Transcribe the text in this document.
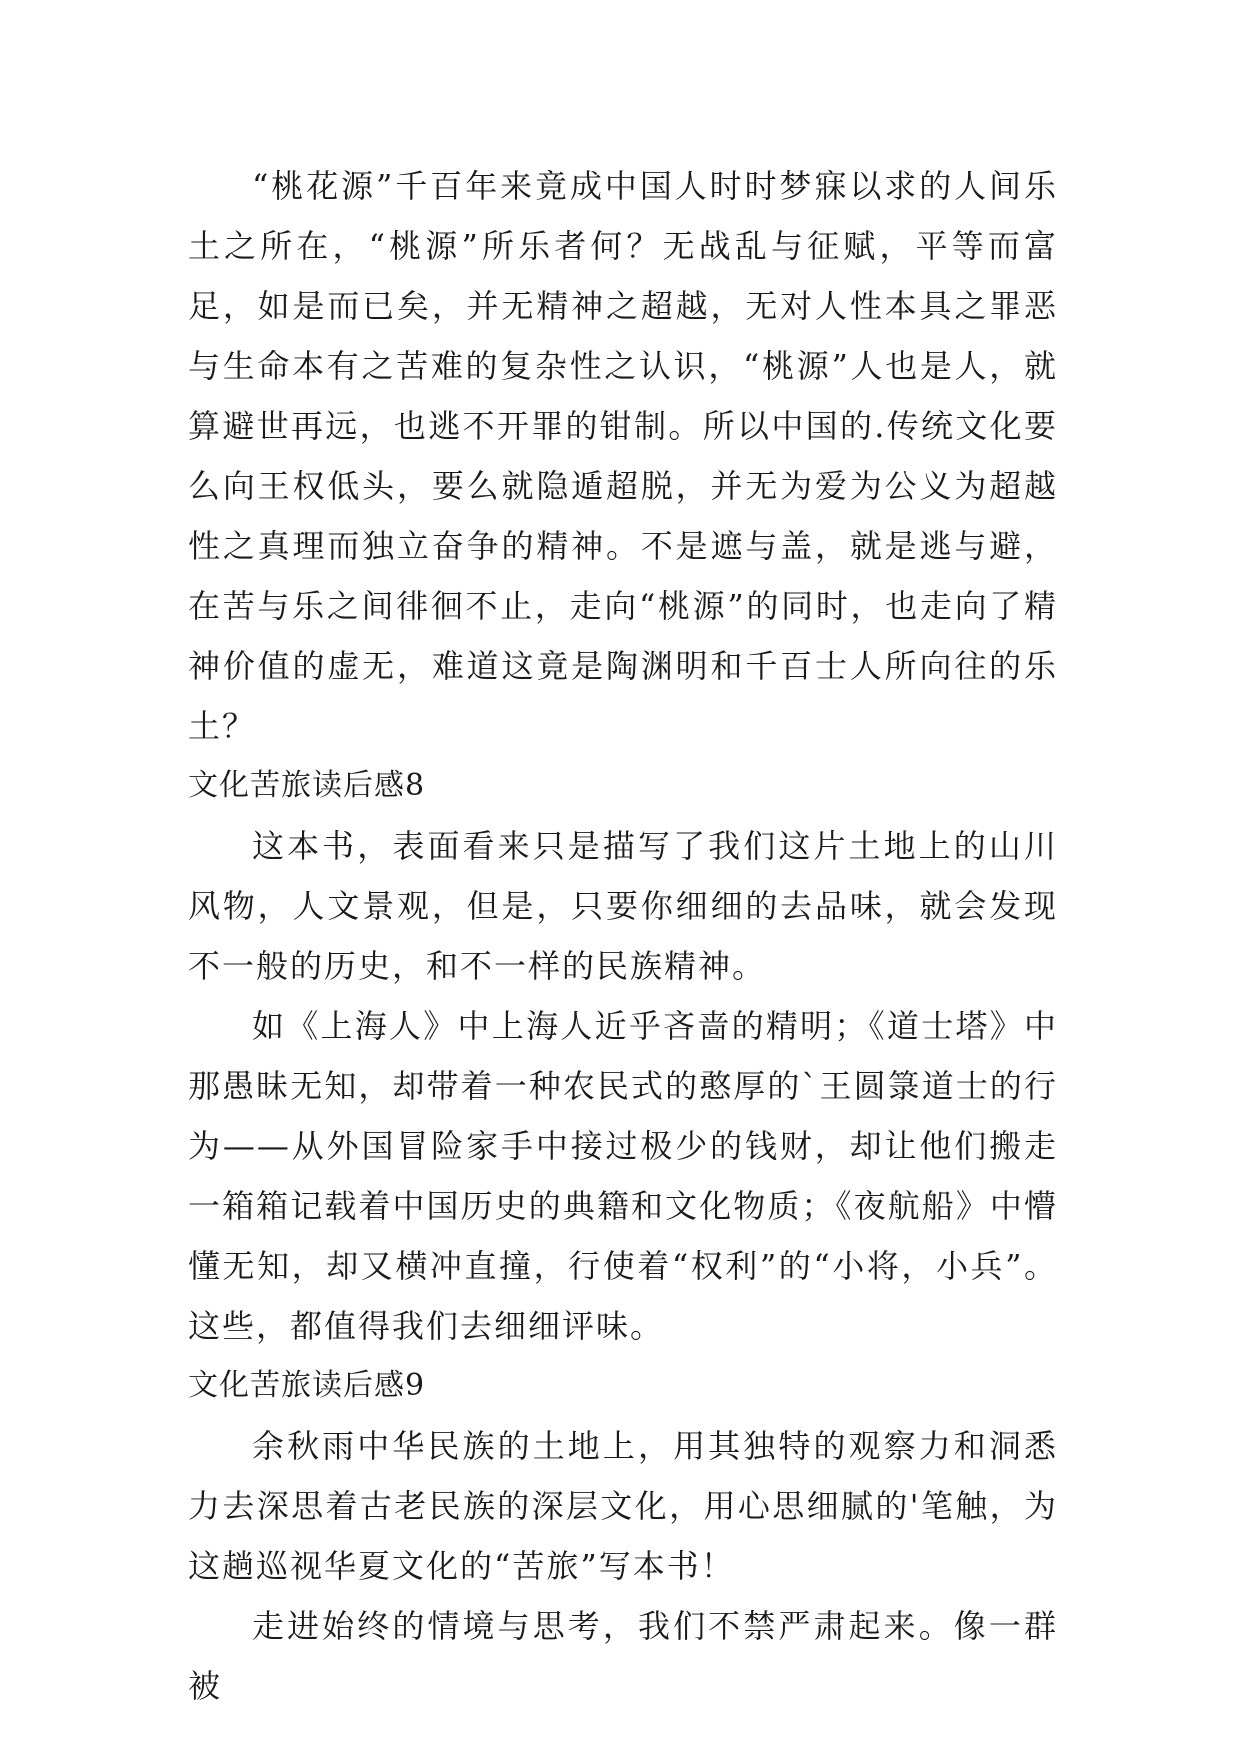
“桃花源”千百年来竟成中国人时时梦寐以求的人间乐土之所在，“桃源”所乐者何？无战乱与征赋，平等而富足，如是而已矣，并无精神之超越，无对人性本具之罪恶与生命本有之苦难的复杂性之认识，“桃源”人也是人，就算避世再远，也逃不开罪的钳制。所以中国的.传统文化要么向王权低头，要么就隐遁超脱，并无为爱为公义为超越性之真理而独立奋争的精神。不是遮与盖，就是逃与避，在苦与乐之间徘徊不止，走向“桃源”的同时，也走向了精神价值的虚无，难道这竟是陶渊明和千百士人所向往的乐土？

文化苦旅读后感8

这本书，表面看来只是描写了我们这片土地上的山川风物，人文景观，但是，只要你细细的去品味，就会发现不一般的历史，和不一样的民族精神。

如《上海人》中上海人近乎吝啬的精明；《道士塔》中那愚昧无知，却带着一种农民式的憨厚的`王圆箓道士的行为——从外国冒险家手中接过极少的钱财，却让他们搬走一箱箱记载着中国历史的典籍和文化物质；《夜航船》中懵懂无知，却又横冲直撞，行使着“权利”的“小将，小兵”。这些，都值得我们去细细评味。

文化苦旅读后感9

余秋雨中华民族的土地上，用其独特的观察力和洞悉力去深思着古老民族的深层文化，用心思细腻的'笔触，为这趟巡视华夏文化的“苦旅”写本书！

走进始终的情境与思考，我们不禁严肃起来。像一群被
